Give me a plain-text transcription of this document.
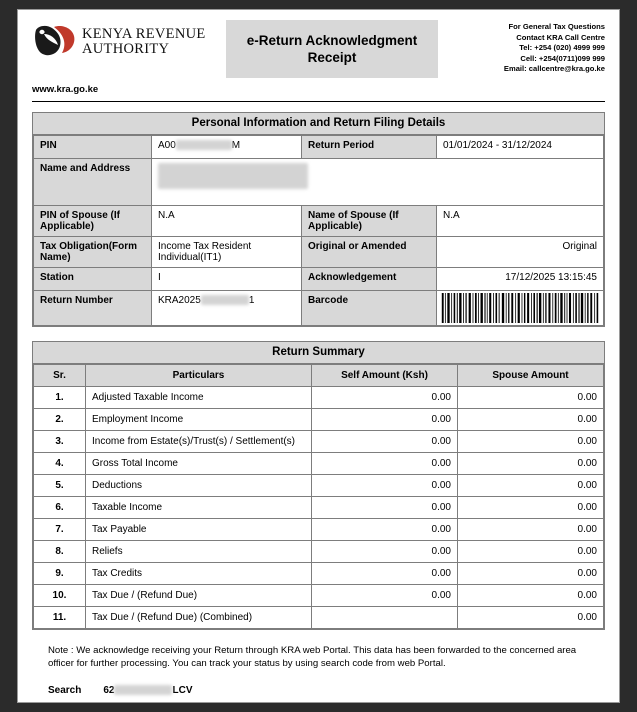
KENYA REVENUE
AUTHORITY
e-Return Acknowledgment Receipt
For General Tax Questions
Contact KRA Call Centre
Tel: +254 (020) 4999 999
Cell: +254(0711)099 999
Email: callcentre@kra.go.ke
www.kra.go.ke
Personal Information and Return Filing Details
PIN	A00 M	Return Period	01/01/2024 - 31/12/2024
Name and Address			
PIN of Spouse (If Applicable)	N.A	Name of Spouse (If Applicable)	N.A
Tax Obligation(Form Name)	Income Tax Resident Individual(IT1)	Original or Amended	Original
Station	I	Acknowledgement	17/12/2025 13:15:45
Return Number	KRA2025 1	Barcode	
Return Summary
Sr.	Particulars	Self Amount (Ksh)	Spouse Amount
1.	Adjusted Taxable Income	0.00	0.00
2.	Employment Income	0.00	0.00
3.	Income from Estate(s)/Trust(s) / Settlement(s)	0.00	0.00
4.	Gross Total Income	0.00	0.00
5.	Deductions	0.00	0.00
6.	Taxable Income	0.00	0.00
7.	Tax Payable	0.00	0.00
8.	Reliefs	0.00	0.00
9.	Tax Credits	0.00	0.00
10.	Tax Due / (Refund Due)	0.00	0.00
11.	Tax Due / (Refund Due) (Combined)		0.00
Note : We acknowledge receiving your Return through KRA web Portal. This data has been forwarded to the concerned area officer for further processing. You can track your status by using search code from web Portal.
Search 62	LCV
